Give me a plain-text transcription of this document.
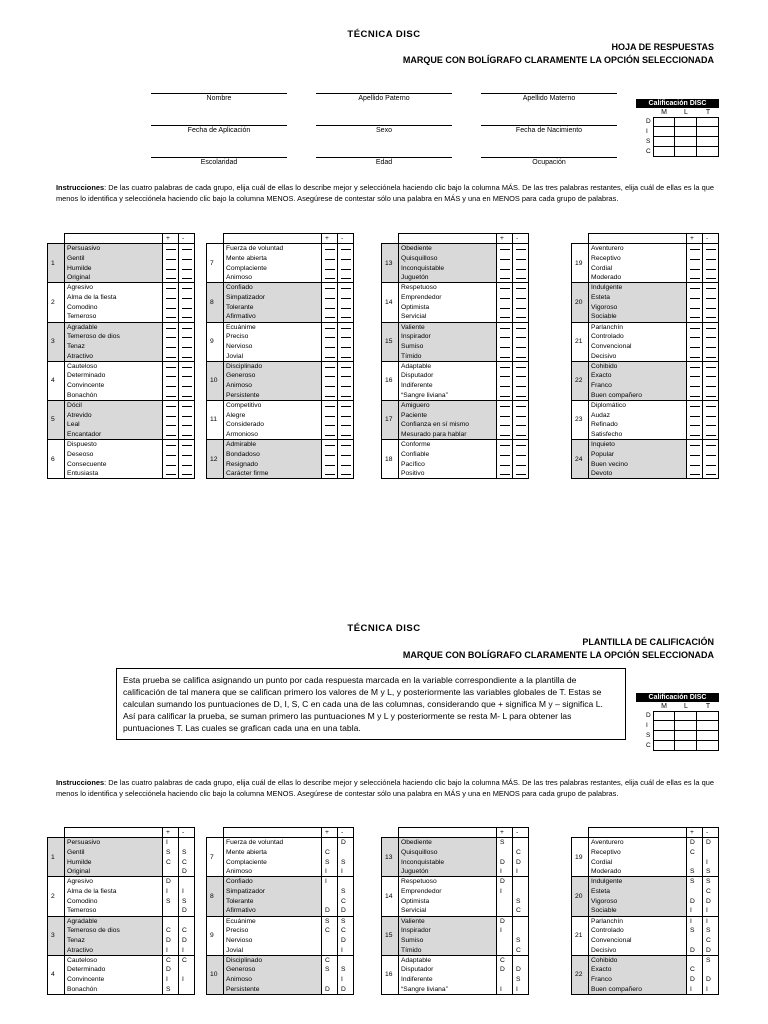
TÉCNICA DISC
HOJA DE RESPUESTAS
MARQUE CON BOLÍGRAFO CLARAMENTE LA OPCIÓN SELECCIONADA
Nombre	Apellido Paterno	Apellido Materno
Fecha de Aplicación	Sexo	Fecha de Nacimiento
Escolaridad	Edad	Ocupación
Calificación DISC
M	L	T
D
I
S
C
Instrucciones: De las cuatro palabras de cada grupo, elija cuál de ellas lo describe mejor y selecciónela haciendo clic bajo la columna MÁS. De las tres palabras restantes, elija cuál de ellas es la que menos lo identifica y selecciónela haciendo clic bajo la columna MENOS. Asegúrese de contestar sólo una palabra en MÁS y una en MENOS para cada grupo de palabras.
		+	-
1	Persuasivo		
	Gentil		
	Humilde		
	Original		
2	Agresivo		
	Alma de la fiesta		
	Comodino		
	Temeroso		
3	Agradable		
	Temeroso de dios		
	Tenaz		
	Atractivo		
4	Cauteloso		
	Determinado		
	Convincente		
	Bonachón		
5	Dócil		
	Atrevido		
	Leal		
	Encantador		
6	Dispuesto		
	Deseoso		
	Consecuente		
	Entusiasta		
		+	-
7	Fuerza de voluntad		
	Mente abierta		
	Complaciente		
	Animoso		
8	Confiado		
	Simpatizador		
	Tolerante		
	Afirmativo		
9	Ecuánime		
	Preciso		
	Nervioso		
	Jovial		
10	Disciplinado		
	Generoso		
	Animoso		
	Persistente		
11	Competitivo		
	Alegre		
	Considerado		
	Armonioso		
12	Admirable		
	Bondadoso		
	Resignado		
	Carácter firme		
		+	-
13	Obediente		
	Quisquilloso		
	Inconquistable		
	Juguetón		
14	Respetuoso		
	Emprendedor		
	Optimista		
	Servicial		
15	Valiente		
	Inspirador		
	Sumiso		
	Tímido		
16	Adaptable		
	Disputador		
	Indiferente		
	“Sangre liviana”		
17	Amiguero		
	Paciente		
	Confianza en sí mismo		
	Mesurado para hablar		
18	Conforme		
	Confiable		
	Pacífico		
	Positivo		
		+	-
19	Aventurero		
	Receptivo		
	Cordial		
	Moderado		
20	Indulgente		
	Esteta		
	Vigoroso		
	Sociable		
21	Parlanchín		
	Controlado		
	Convencional		
	Decisivo		
22	Cohibido		
	Exacto		
	Franco		
	Buen compañero		
23	Diplomático		
	Audaz		
	Refinado		
	Satisfecho		
24	Inquieto		
	Popular		
	Buen vecino		
	Devoto		
TÉCNICA DISC
PLANTILLA DE CALIFICACIÓN
MARQUE CON BOLÍGRAFO CLARAMENTE LA OPCIÓN SELECCIONADA
Esta prueba se califica asignando un punto por cada respuesta marcada en la variable correspondiente a la plantilla de calificación de tal manera que se califican primero los valores de M y L, y posteriormente las variables globales de T. Estas se calculan sumando los puntuaciones de D, I, S, C en cada una de las columnas, considerando que + significa M y – significa L.
Así para calificar la prueba, se suman primero las puntuaciones M y L y posteriormente se resta M- L para obtener las puntuaciones T. Las cuales se grafican cada una en una tabla.
Calificación DISC
M	L	T
D
I
S
C
Instrucciones: De las cuatro palabras de cada grupo, elija cuál de ellas lo describe mejor y selecciónela haciendo clic bajo la columna MÁS. De las tres palabras restantes, elija cuál de ellas es la que menos lo identifica y selecciónela haciendo clic bajo la columna MENOS. Asegúrese de contestar sólo una palabra en MÁS y una en MENOS para cada grupo de palabras.
		+	-
1	Persuasivo	I	
	Gentil	S	S
	Humilde	C	C
	Original		D
2	Agresivo	D	
	Alma de la fiesta	I	I
	Comodino	S	S
	Temeroso		D
3	Agradable		
	Temeroso de dios	C	C
	Tenaz	D	D
	Atractivo	I	I
4	Cauteloso	C	C
	Determinado	D	
	Convincente	I	I
	Bonachón	S	
		+	-
7	Fuerza de voluntad		D
	Mente abierta	C	
	Complaciente	S	S
	Animoso	I	I
8	Confiado	I	
	Simpatizador		S
	Tolerante		C
	Afirmativo	D	D
9	Ecuánime	S	S
	Preciso	C	C
	Nervioso		D
	Jovial		I
10	Disciplinado	C	
	Generoso	S	S
	Animoso		I
	Persistente	D	D
		+	-
13	Obediente	S	
	Quisquilloso		C
	Inconquistable	D	D
	Juguetón	I	I
14	Respetuoso	D	
	Emprendedor	I	
	Optimista		S
	Servicial		C
15	Valiente	D	
	Inspirador	I	
	Sumiso		S
	Tímido		C
16	Adaptable	C	
	Disputador	D	D
	Indiferente		S
	“Sangre liviana”	I	I
		+	-
19	Aventurero	D	D
	Receptivo	C	
	Cordial		I
	Moderado	S	S
20	Indulgente	S	S
	Esteta		C
	Vigoroso	D	D
	Sociable	I	I
21	Parlanchín	I	I
	Controlado	S	S
	Convencional		C
	Decisivo	D	D
22	Cohibido		S
	Exacto	C	
	Franco	D	D
	Buen compañero	I	I
